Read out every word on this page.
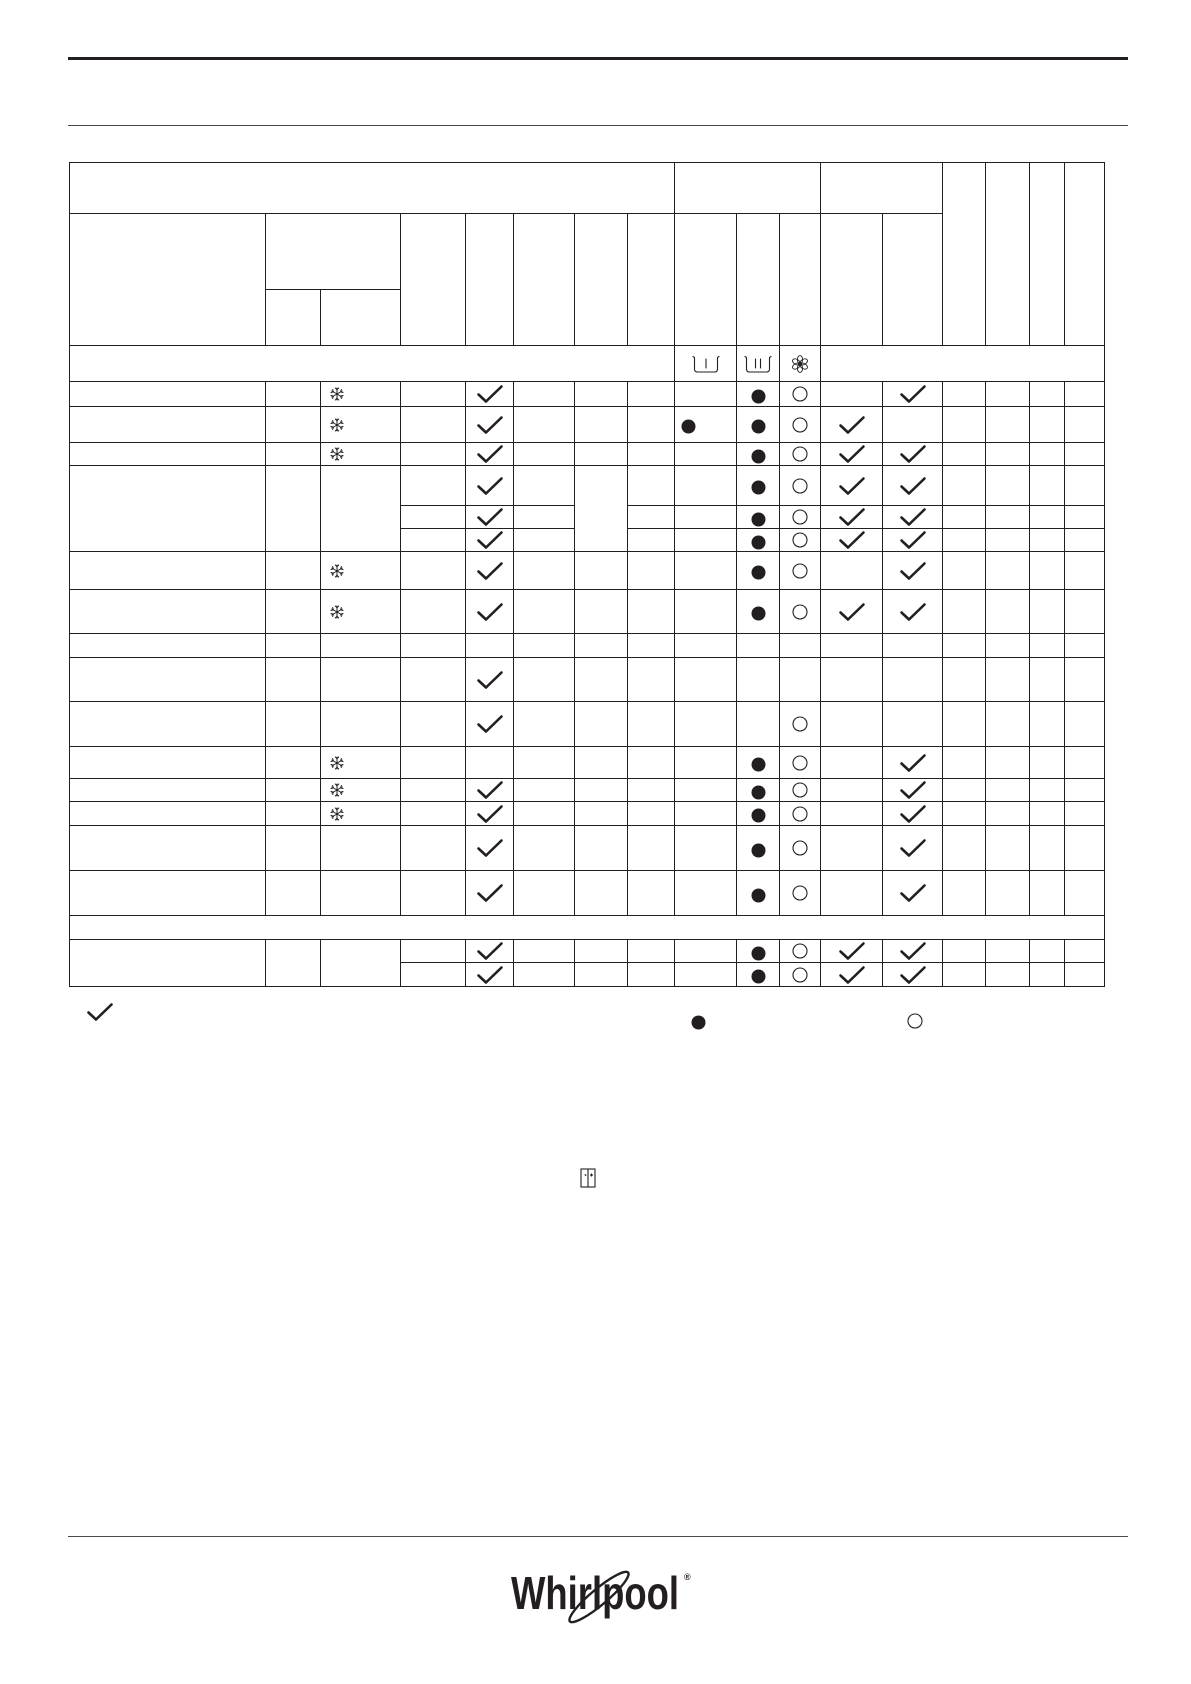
Whirlpool ®
